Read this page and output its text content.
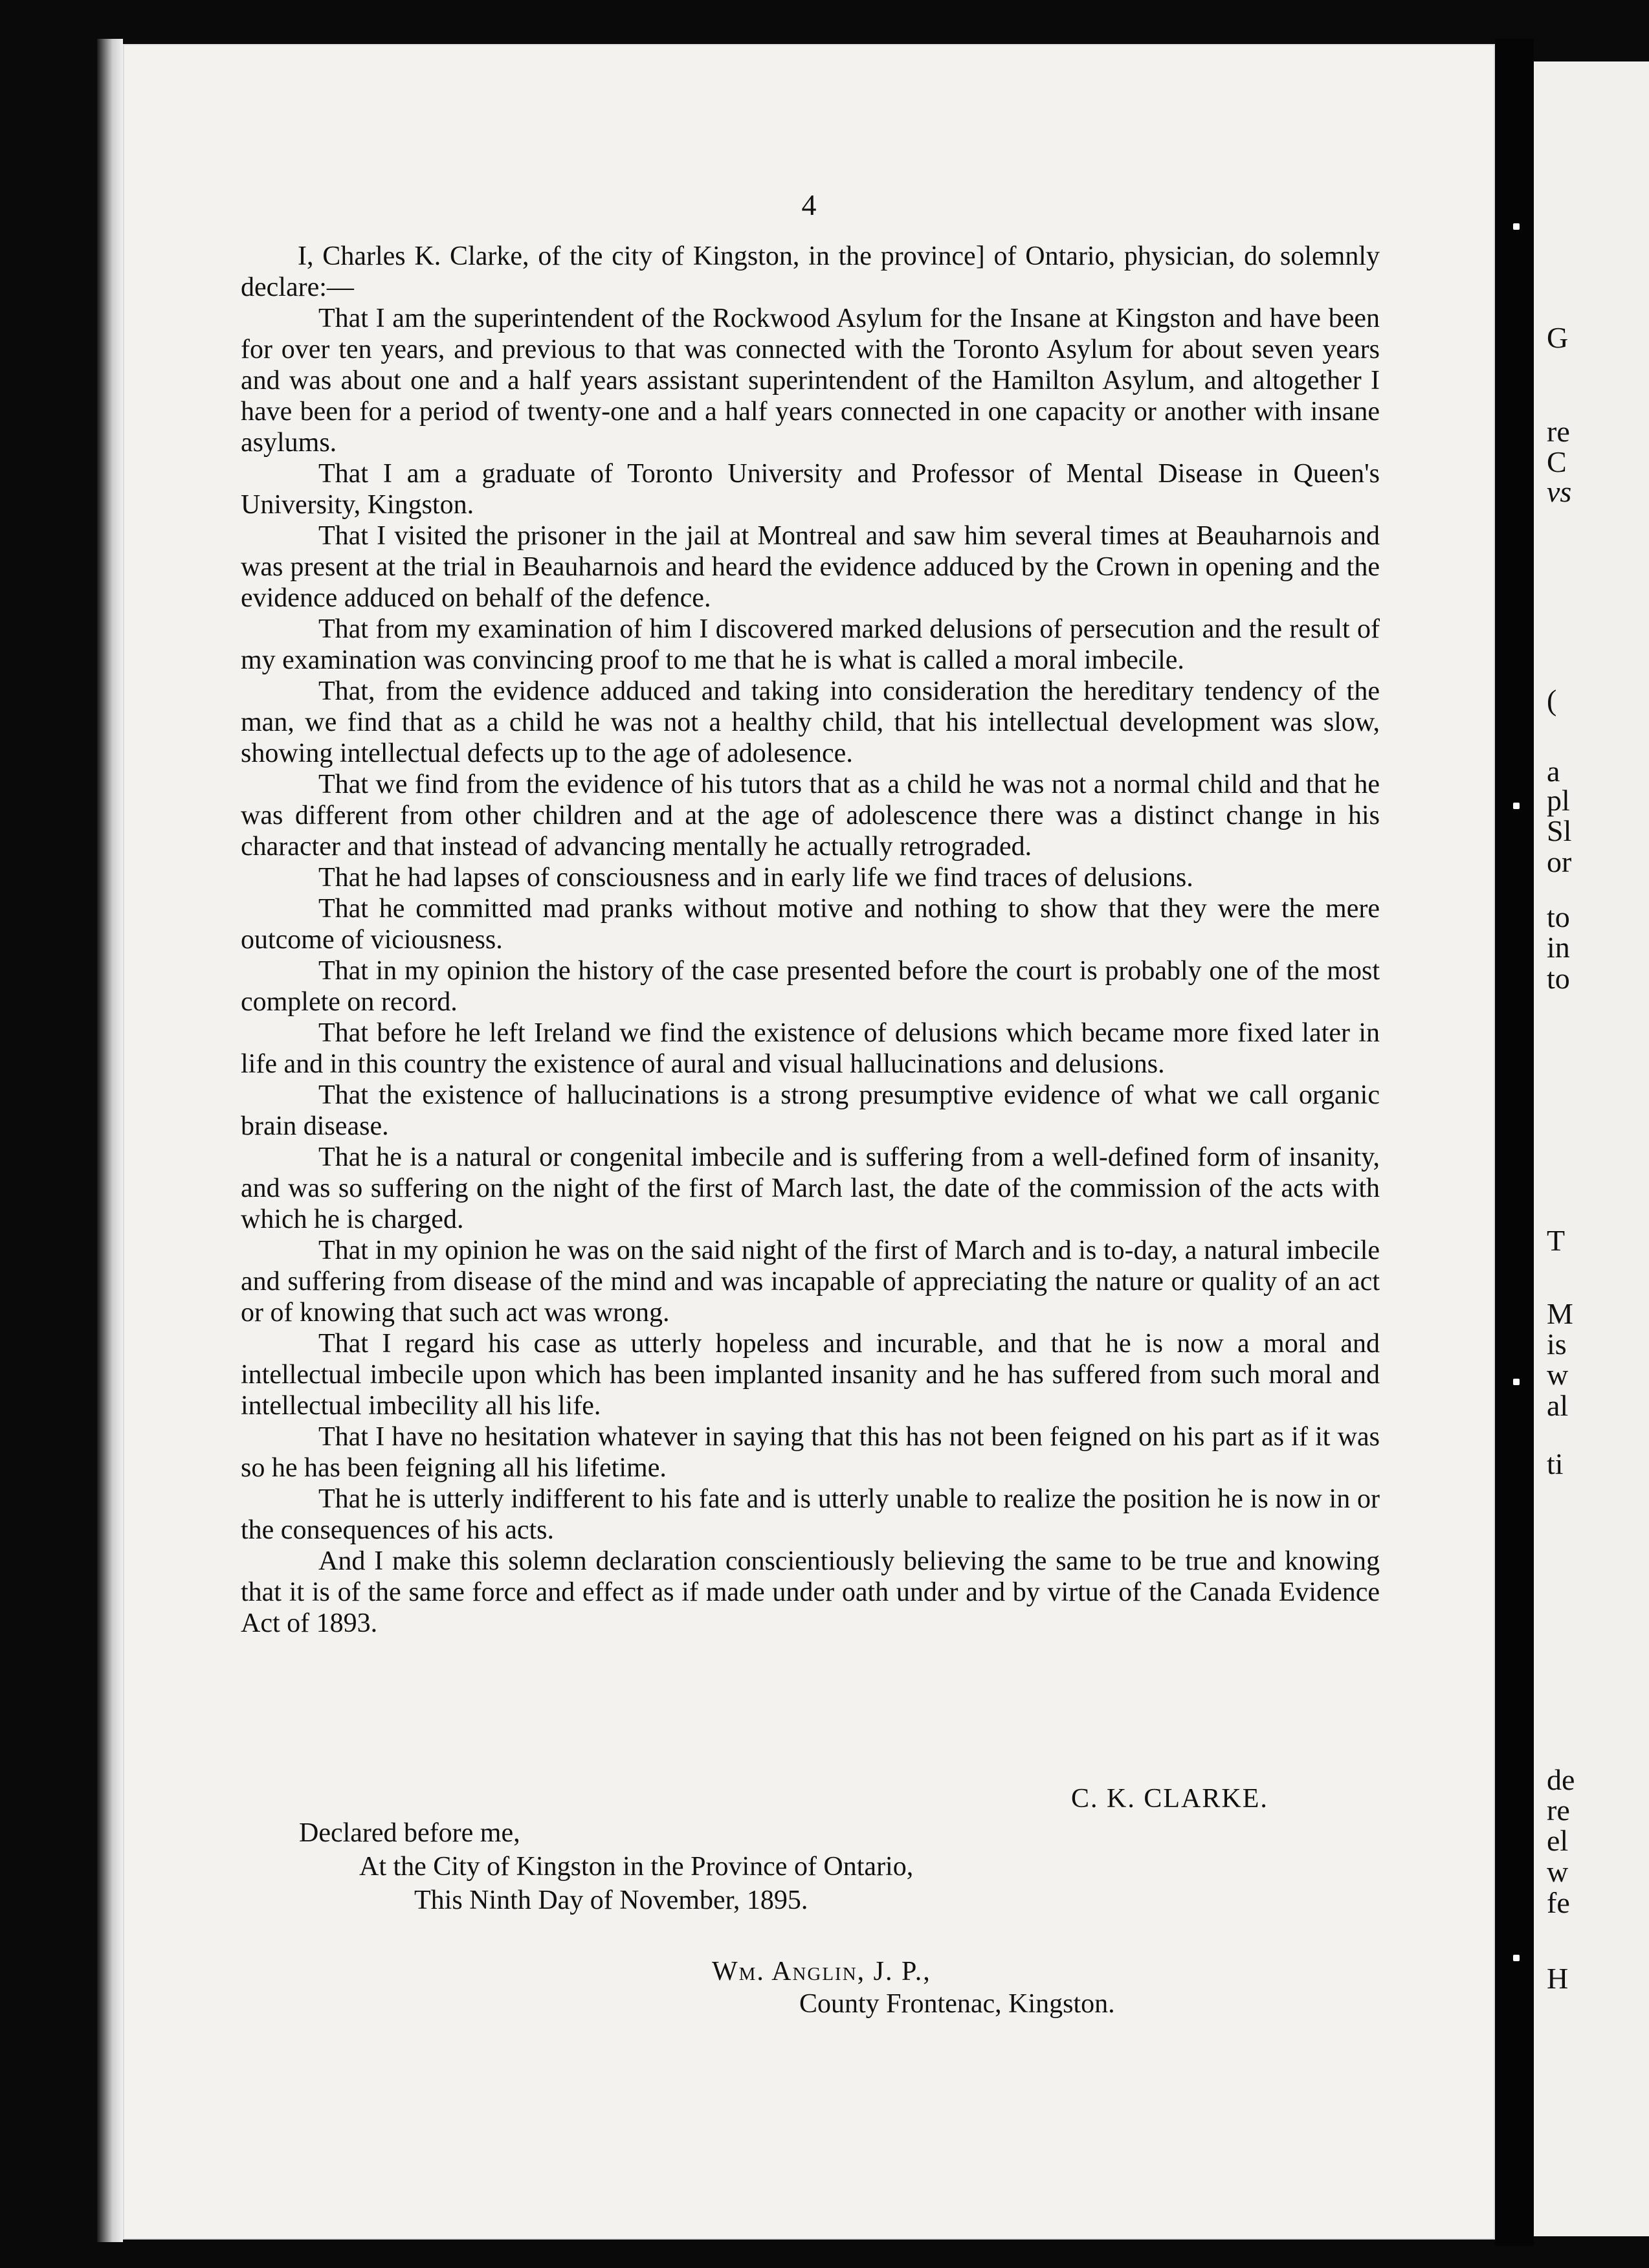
4

I, Charles K. Clarke, of the city of Kingston, in the province] of Ontario, physician, do solemnly declare:—

That I am the superintendent of the Rockwood Asylum for the Insane at Kingston and have been for over ten years, and previous to that was connected with the Toronto Asylum for about seven years and was about one and a half years assistant superintendent of the Hamilton Asylum, and altogether I have been for a period of twenty-one and a half years connected in one capacity or another with insane asylums.

That I am a graduate of Toronto University and Professor of Mental Disease in Queen's University, Kingston.

That I visited the prisoner in the jail at Montreal and saw him several times at Beauharnois and was present at the trial in Beauharnois and heard the evidence adduced by the Crown in opening and the evidence adduced on behalf of the defence.

That from my examination of him I discovered marked delusions of persecution and the result of my examination was convincing proof to me that he is what is called a moral imbecile.

That, from the evidence adduced and taking into consideration the hereditary tendency of the man, we find that as a child he was not a healthy child, that his intellectual development was slow, showing intellectual defects up to the age of adolesence.

That we find from the evidence of his tutors that as a child he was not a normal child and that he was different from other children and at the age of adolescence there was a distinct change in his character and that instead of advancing mentally he actually retrograded.

That he had lapses of consciousness and in early life we find traces of delusions.

That he committed mad pranks without motive and nothing to show that they were the mere outcome of viciousness.

That in my opinion the history of the case presented before the court is probably one of the most complete on record.

That before he left Ireland we find the existence of delusions which became more fixed later in life and in this country the existence of aural and visual hallucinations and delusions.

That the existence of hallucinations is a strong presumptive evidence of what we call organic brain disease.

That he is a natural or congenital imbecile and is suffering from a well-defined form of insanity, and was so suffering on the night of the first of March last, the date of the commission of the acts with which he is charged.

That in my opinion he was on the said night of the first of March and is to-day, a natural imbecile and suffering from disease of the mind and was incapable of appreciating the nature or quality of an act or of knowing that such act was wrong.

That I regard his case as utterly hopeless and incurable, and that he is now a moral and intellectual imbecile upon which has been implanted insanity and he has suffered from such moral and intellectual imbecility all his life.

That I have no hesitation whatever in saying that this has not been feigned on his part as if it was so he has been feigning all his lifetime.

That he is utterly indifferent to his fate and is utterly unable to realize the position he is now in or the consequences of his acts.

And I make this solemn declaration conscientiously believing the same to be true and knowing that it is of the same force and effect as if made under oath under and by virtue of the Canada Evidence Act of 1893.

C. K. CLARKE.
Declared before me,
At the City of Kingston in the Province of Ontario,
This Ninth Day of November, 1895.
Wm. Anglin, J. P.,
County Frontenac, Kingston.
G
re
C
vs
(
a
pl
Sl
or
to
in
to
T
M
is
w
al
ti
de
re
el
w
fe
H
